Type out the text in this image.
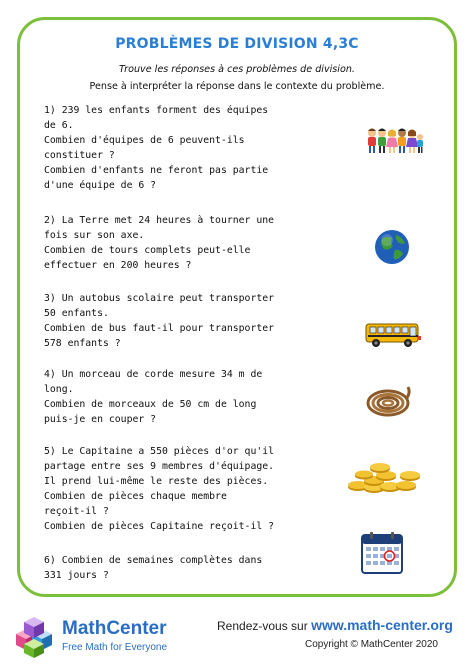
PROBLÈMES DE DIVISION 4,3C
Trouve les réponses à ces problèmes de division.
Pense à interpréter la réponse dans le contexte du problème.
1) 239 les enfants forment des équipes
de 6.
Combien d'équipes de 6 peuvent-ils
constituer ?
Combien d'enfants ne feront pas partie
d'une équipe de 6 ?
2) La Terre met 24 heures à tourner une
fois sur son axe.
Combien de tours complets peut-elle
effectuer en 200 heures ?
3) Un autobus scolaire peut transporter
50 enfants.
Combien de bus faut-il pour transporter
578 enfants ?
4) Un morceau de corde mesure 34 m de
long.
Combien de morceaux de 50 cm de long
puis-je en couper ?
5) Le Capitaine a 550 pièces d'or qu'il
partage entre ses 9 membres d'équipage.
Il prend lui-même le reste des pièces.
Combien de pièces chaque membre
reçoit-il ?
Combien de pièces Capitaine reçoit-il ?
6) Combien de semaines complètes dans
331 jours ?
MathCenter
Free Math for Everyone
Rendez-vous sur www.math-center.org
Copyright © MathCenter 2020
